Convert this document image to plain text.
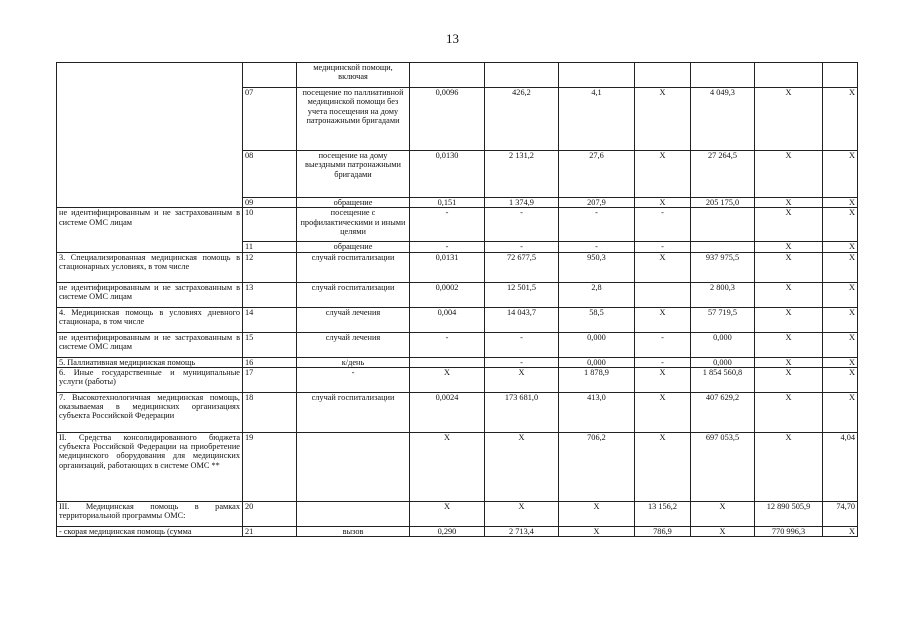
13
		медицинской помощи, включая							
	07	посещение по паллиативной медицинской помощи без учета посещения на дому патронажными бригадами	0,0096	426,2	4,1	Х	4 049,3	Х	Х
	08	посещение на дому выездными патронажными бригадами	0,0130	2 131,2	27,6	Х	27 264,5	Х	Х
	09	обращение	0,151	1 374,9	207,9	Х	205 175,0	Х	Х
не идентифицированным и не застрахованным в системе ОМС лицам	10	посещение с профилактическими и иными целями	-	-	-	-		Х	Х
	11	обращение	-	-	-	-		Х	Х
3. Специализированная медицинская помощь в стационарных условиях, в том числе	12	случай госпитализации	0,0131	72 677,5	950,3	Х	937 975,5	Х	Х
не идентифицированным и не застрахованным в системе ОМС лицам	13	случай госпитализации	0,0002	12 501,5	2,8		2 800,3	Х	Х
4. Медицинская помощь в условиях дневного стационара, в том числе	14	случай лечения	0,004	14 043,7	58,5	Х	57 719,5	Х	Х
не идентифицированным и не застрахованным в системе ОМС лицам	15	случай лечения	-	-	0,000	-	0,000	Х	Х
5. Паллиативная медицинская помощь	16	к/день		-	0,000	-	0,000	Х	Х
6. Иные государственные и муниципальные услуги (работы)	17	-	Х	Х	1 878,9	Х	1 854 560,8	Х	Х
7. Высокотехнологичная медицинская помощь, оказываемая в медицинских организациях субъекта Российской Федерации	18	случай госпитализации	0,0024	173 681,0	413,0	Х	407 629,2	Х	Х
II. Средства консолидированного бюджета субъекта Российской Федерации на приобретение медицинского оборудования для медицинских организаций, работающих в системе ОМС **	19		Х	Х	706,2	Х	697 053,5	Х	4,04
III. Медицинская помощь в рамках территориальной программы ОМС:	20		Х	Х	Х	13 156,2	Х	12 890 505,9	74,70
- скорая медицинская помощь (сумма	21	вызов	0,290	2 713,4	Х	786,9	Х	770 996,3	Х
